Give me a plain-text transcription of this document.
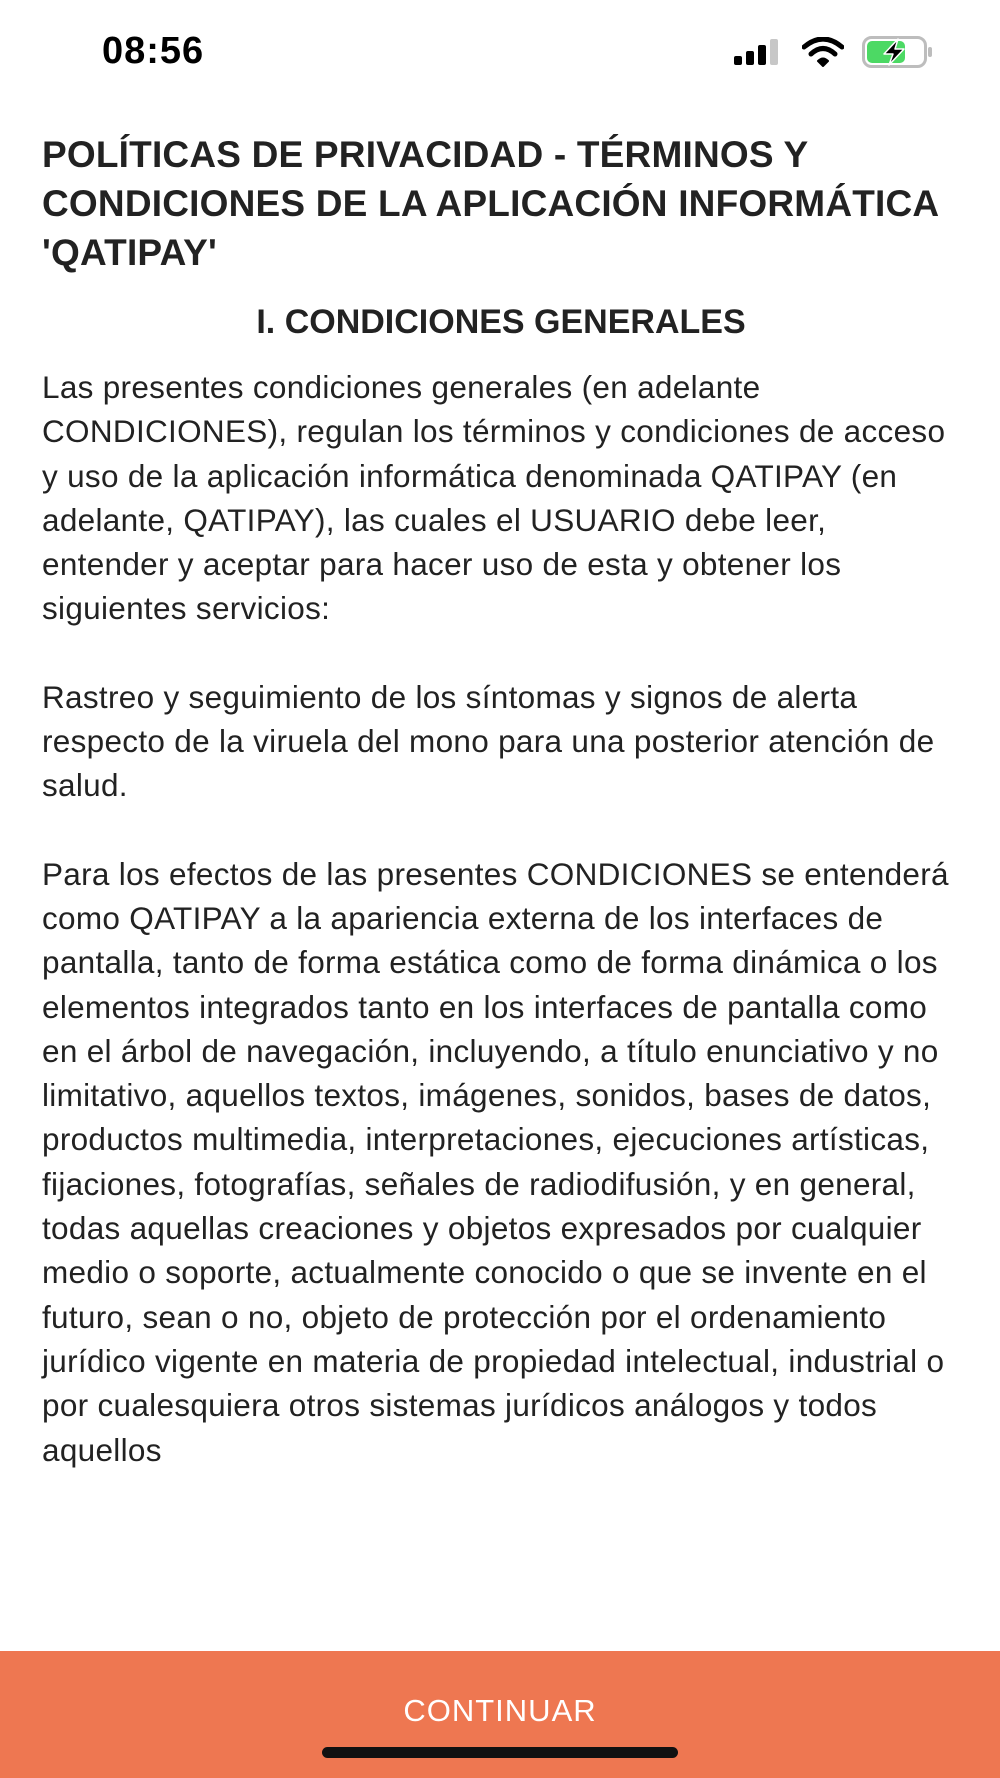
08:56
POLÍTICAS DE PRIVACIDAD - TÉRMINOS Y CONDICIONES DE LA APLICACIÓN INFORMÁTICA 'QATIPAY'
I. CONDICIONES GENERALES

Las presentes condiciones generales (en adelante CONDICIONES), regulan los términos y condiciones de acceso y uso de la aplicación informática denominada QATIPAY (en adelante, QATIPAY), las cuales el USUARIO debe leer, entender y aceptar para hacer uso de esta y obtener los siguientes servicios:

Rastreo y seguimiento de los síntomas y signos de alerta respecto de la viruela del mono para una posterior atención de salud.

Para los efectos de las presentes CONDICIONES se entenderá como QATIPAY a la apariencia externa de los interfaces de pantalla, tanto de forma estática como de forma dinámica o los elementos integrados tanto en los interfaces de pantalla como en el árbol de navegación, incluyendo, a título enunciativo y no limitativo, aquellos textos, imágenes, sonidos, bases de datos, productos multimedia, interpretaciones, ejecuciones artísticas, fijaciones, fotografías, señales de radiodifusión, y en general, todas aquellas creaciones y objetos expresados por cualquier medio o soporte, actualmente conocido o que se invente en el futuro, sean o no, objeto de protección por el ordenamiento jurídico vigente en materia de propiedad intelectual, industrial o por cualesquiera otros sistemas jurídicos análogos y todos aquellos

CONTINUAR
